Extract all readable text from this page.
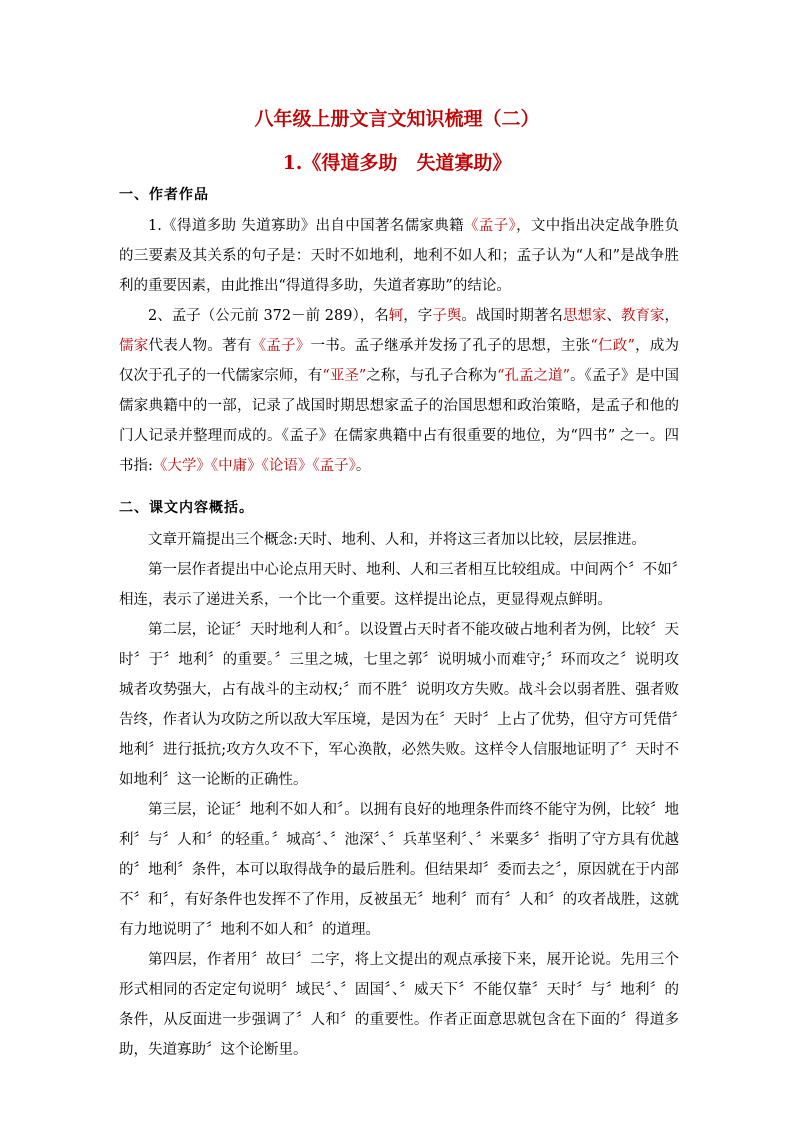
八年级上册文言文知识梳理（二）
1.《得道多助　失道寡助》
一、作者作品

1.《得道多助 失道寡助》出自中国著名儒家典籍《孟子》，文中指出决定战争胜负的三要素及其关系的句子是：天时不如地利，地利不如人和；孟子认为“人和”是战争胜利的重要因素，由此推出“得道得多助，失道者寡助”的结论。

2、孟子（公元前 372－前 289），名轲，字子舆。战国时期著名思想家、教育家，儒家代表人物。著有《孟子》一书。孟子继承并发扬了孔子的思想，主张“仁政”，成为仅次于孔子的一代儒家宗师，有“亚圣”之称，与孔子合称为“孔孟之道”。《孟子》是中国儒家典籍中的一部，记录了战国时期思想家孟子的治国思想和政治策略，是孟子和他的门人记录并整理而成的。《孟子》在儒家典籍中占有很重要的地位，为“四书” 之一。四书指:《大学》《中庸》《论语》《孟子》。

二、课文内容概括。

文章开篇提出三个概念:天时、地利、人和，并将这三者加以比较，层层推进。

第一层作者提出中心论点用天时、地利、人和三者相互比较组成。中间两个〞不如〞相连，表示了递进关系，一个比一个重要。这样提出论点，更显得观点鲜明。

第二层，论证〞天时地利人和〞。以设置占天时者不能攻破占地利者为例，比较〞天时〞于〞地利〞的重要。〞三里之城，七里之郭〞说明城小而难守;〞环而攻之〞说明攻城者攻势强大，占有战斗的主动权;〞而不胜〞说明攻方失败。战斗会以弱者胜、强者败告终，作者认为攻防之所以敌大军压境，是因为在〞天时〞上占了优势，但守方可凭借〞地利〞进行抵抗;攻方久攻不下，军心涣散，必然失败。这样令人信服地证明了〞天时不如地利〞这一论断的正确性。

第三层，论证〞地利不如人和〞。以拥有良好的地理条件而终不能守为例，比较〞地利〞与〞人和〞的轻重。〞城高〞、〞池深〞、〞兵革坚利〞、〞米粟多〞指明了守方具有优越的〞地利〞条件，本可以取得战争的最后胜利。但结果却〞委而去之〞，原因就在于内部不〞和〞，有好条件也发挥不了作用，反被虽无〞地利〞而有〞人和〞的攻者战胜，这就有力地说明了〞地利不如人和〞的道理。

第四层，作者用〞故曰〞二字，将上文提出的观点承接下来，展开论说。先用三个形式相同的否定定句说明〞域民〞、〞固国〞、〞威天下〞不能仅靠〞天时〞与〞地利〞的条件，从反面进一步强调了〞人和〞的重要性。作者正面意思就包含在下面的〞得道多助，失道寡助〞这个论断里。
